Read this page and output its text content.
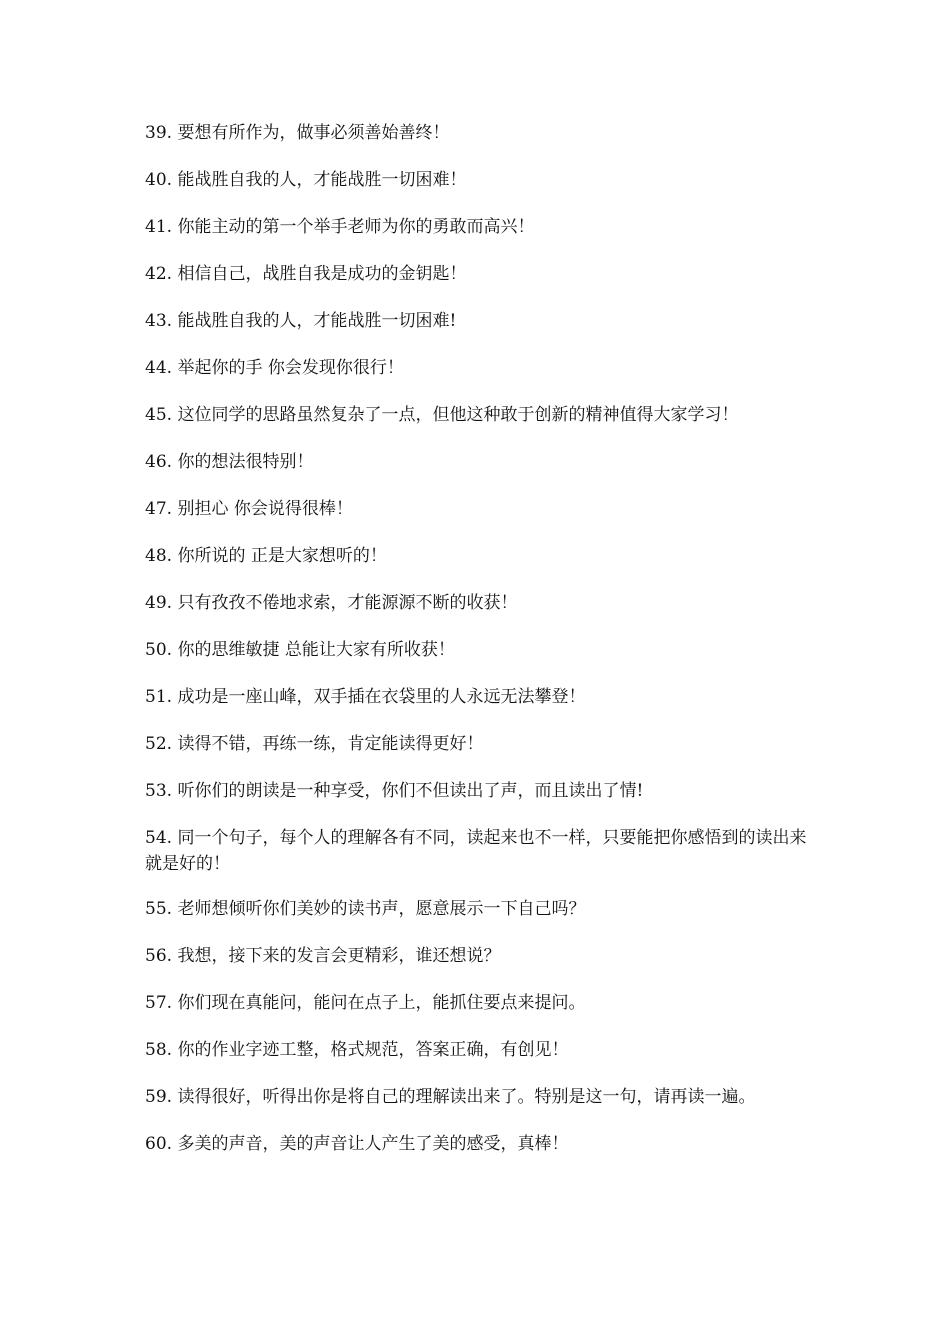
39. 要想有所作为，做事必须善始善终！
40. 能战胜自我的人，才能战胜一切困难！
41. 你能主动的第一个举手老师为你的勇敢而高兴！
42. 相信自己，战胜自我是成功的金钥匙！
43. 能战胜自我的人，才能战胜一切困难!
44. 举起你的手 你会发现你很行！
45. 这位同学的思路虽然复杂了一点，但他这种敢于创新的精神值得大家学习！
46. 你的想法很特别！
47. 别担心 你会说得很棒！
48. 你所说的 正是大家想听的！
49. 只有孜孜不倦地求索，才能源源不断的收获！
50. 你的思维敏捷 总能让大家有所收获！
51. 成功是一座山峰，双手插在衣袋里的人永远无法攀登！
52. 读得不错，再练一练，肯定能读得更好！
53. 听你们的朗读是一种享受，你们不但读出了声，而且读出了情!
54. 同一个句子，每个人的理解各有不同，读起来也不一样，只要能把你感悟到的读出来就是好的！
55. 老师想倾听你们美妙的读书声，愿意展示一下自己吗？
56. 我想，接下来的发言会更精彩，谁还想说？
57. 你们现在真能问，能问在点子上，能抓住要点来提问。
58. 你的作业字迹工整，格式规范，答案正确，有创见！
59. 读得很好，听得出你是将自己的理解读出来了。特别是这一句，请再读一遍。
60. 多美的声音，美的声音让人产生了美的感受，真棒！
